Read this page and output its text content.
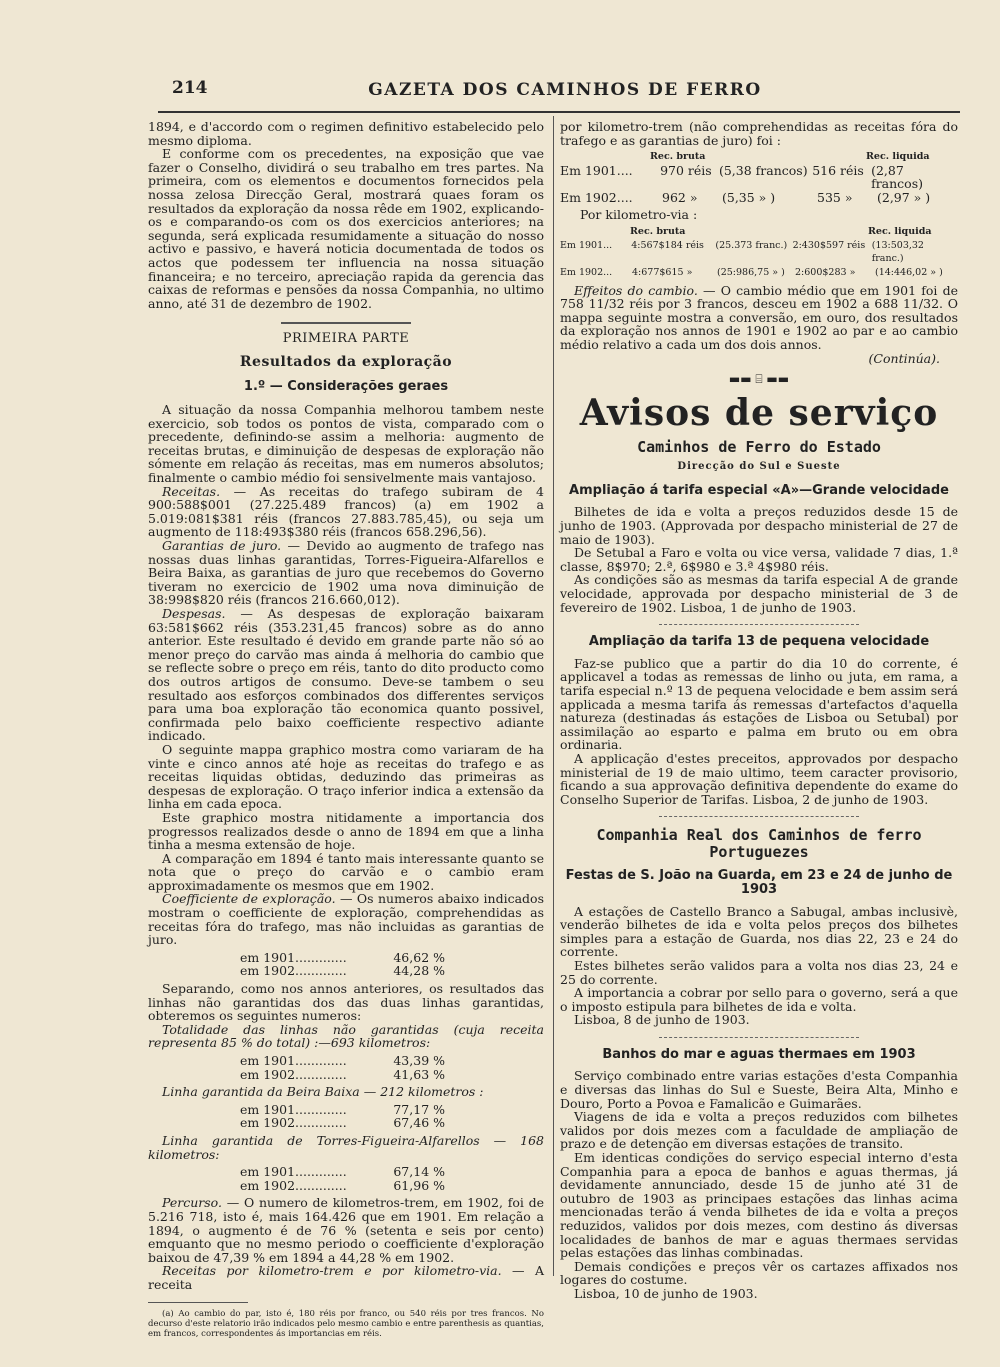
214	GAZETA DOS CAMINHOS DE FERRO

1894, e d'accordo com o regimen definitivo estabelecido pelo mesmo diploma.

E conforme com os precedentes, na exposição que vae fazer o Conselho, dividirá o seu trabalho em tres partes. Na primeira, com os elementos e documentos fornecidos pela nossa zelosa Direcção Geral, mostrará quaes foram os resultados da exploração da nossa rêde em 1902, explicando-os e comparando-os com os dos exercicios anteriores; na segunda, será explicada resumidamente a situação do nosso activo e passivo, e haverá noticia documentada de todos os actos que podessem ter influencia na nossa situação financeira; e no terceiro, apreciação rapida da gerencia das caixas de reformas e pensões da nossa Companhia, no ultimo anno, até 31 de dezembro de 1902.

PRIMEIRA PARTE
Resultados da exploração
1.º — Considerações geraes

A situação da nossa Companhia melhorou tambem neste exercicio, sob todos os pontos de vista, comparado com o precedente, definindo-se assim a melhoria: augmento de receitas brutas, e diminuição de despesas de exploração não sómente em relação ás receitas, mas em numeros absolutos; finalmente o cambio médio foi sensivelmente mais vantajoso.

Receitas. — As receitas do trafego subiram de 4 900:588$001 (27.225.489 francos) (a) em 1902 a 5.019:081$381 réis (francos 27.883.785,45), ou seja um augmento de 118:493$380 réis (francos 658.296,56).

Garantias de juro. — Devido ao augmento de trafego nas nossas duas linhas garantidas, Torres-Figueira-Alfarellos e Beira Baixa, as garantias de juro que recebemos do Governo tiveram no exercicio de 1902 uma nova diminuição de 38:998$820 réis (francos 216.660,012).

Despesas. — As despesas de exploração baixaram 63:581$662 réis (353.231,45 francos) sobre as do anno anterior. Este resultado é devido em grande parte não só ao menor preço do carvão mas ainda á melhoria do cambio que se reflecte sobre o preço em réis, tanto do dito producto como dos outros artigos de consumo. Deve-se tambem o seu resultado aos esforços combinados dos differentes serviços para uma boa exploração tão economica quanto possivel, confirmada pelo baixo coefficiente respectivo adiante indicado.

O seguinte mappa graphico mostra como variaram de ha vinte e cinco annos até hoje as receitas do trafego e as receitas liquidas obtidas, deduzindo das primeiras as despesas de exploração. O traço inferior indica a extensão da linha em cada epoca.

Este graphico mostra nitidamente a importancia dos progressos realizados desde o anno de 1894 em que a linha tinha a mesma extensão de hoje.

A comparação em 1894 é tanto mais interessante quanto se nota que o preço do carvão e o cambio eram approximadamente os mesmos que em 1902.

Coefficiente de exploração. — Os numeros abaixo indicados mostram o coefficiente de exploração, comprehendidas as receitas fóra do trafego, mas não incluidas as garantias de juro.

em 1901.............	46,62 %
em 1902.............	44,28 %

Separando, como nos annos anteriores, os resultados das linhas não garantidas dos das duas linhas garantidas, obteremos os seguintes numeros:

Totalidade das linhas não garantidas (cuja receita representa 85 % do total) :—693 kilometros:

em 1901.............	43,39 %
em 1902.............	41,63 %

Linha garantida da Beira Baixa — 212 kilometros :

em 1901.............	77,17 %
em 1902.............	67,46 %

Linha garantida de Torres-Figueira-Alfarellos — 168 kilometros:

em 1901.............	67,14 %
em 1902.............	61,96 %

Percurso. — O numero de kilometros-trem, em 1902, foi de 5.216 718, isto é, mais 164.426 que em 1901. Em relação a 1894, o augmento é de 76 % (setenta e seis por cento) emquanto que no mesmo periodo o coefficiente d'exploração baixou de 47,39 % em 1894 a 44,28 % em 1902.

Receitas por kilometro-trem e por kilometro-via. — A receita

(a) Ao cambio do par, isto é, 180 réis por franco, ou 540 réis por tres francos. No decurso d'este relatorio irão indicados pelo mesmo cambio e entre parenthesis as quantias, em francos, correspondentes ás importancias em réis.

por kilometro-trem (não comprehendidas as receitas fóra do trafego e as garantias de juro) foi :

Rec. bruta	Rec. liquida
Em 1901....	970 réis (5,38 francos) 516 réis (2,87 francos)
Em 1902....	962 »	(5,35 » )	535 »	(2,97 » )

Por kilometro-via :

Rec. bruta	Rec. liquida
Em 1901...	4:567$184 réis	(25.373 franc.) 2:430$597 réis (13:503,32 franc.)
Em 1902...	4:677$615 »	(25:986,75 » )	2:600$283 »	(14:446,02 » )

Effeitos do cambio. — O cambio médio que em 1901 foi de 758 11/32 réis por 3 francos, desceu em 1902 a 688 11/32. O mappa seguinte mostra a conversão, em ouro, dos resultados da exploração nos annos de 1901 e 1902 ao par e ao cambio médio relativo a cada um dos dois annos.

(Continúa).
▬▬ ⌸ ▬▬
Avisos de serviço
Caminhos de Ferro do Estado
Direcção do Sul e Sueste
Ampliação á tarifa especial «A»—Grande velocidade

Bilhetes de ida e volta a preços reduzidos desde 15 de junho de 1903. (Approvada por despacho ministerial de 27 de maio de 1903).

De Setubal a Faro e volta ou vice versa, validade 7 dias, 1.ª classe, 8$970; 2.ª, 6$980 e 3.ª 4$980 réis.

As condições são as mesmas da tarifa especial A de grande velocidade, approvada por despacho ministerial de 3 de fevereiro de 1902. Lisboa, 1 de junho de 1903.

Ampliação da tarifa 13 de pequena velocidade

Faz-se publico que a partir do dia 10 do corrente, é applicavel a todas as remessas de linho ou juta, em rama, a tarifa especial n.º 13 de pequena velocidade e bem assim será applicada a mesma tarifa ás remessas d'artefactos d'aquella natureza (destinadas ás estações de Lisboa ou Setubal) por assimilação ao esparto e palma em bruto ou em obra ordinaria.

A applicação d'estes preceitos, approvados por despacho ministerial de 19 de maio ultimo, teem caracter provisorio, ficando a sua approvação definitiva dependente do exame do Conselho Superior de Tarifas. Lisboa, 2 de junho de 1903.

Companhia Real dos Caminhos de ferro Portuguezes
Festas de S. João na Guarda, em 23 e 24 de junho de 1903

A estações de Castello Branco a Sabugal, ambas inclusivè, venderão bilhetes de ida e volta pelos preços dos bilhetes simples para a estação de Guarda, nos dias 22, 23 e 24 do corrente.

Estes bilhetes serão validos para a volta nos dias 23, 24 e 25 do corrente.

A importancia a cobrar por sello para o governo, será a que o imposto estipula para bilhetes de ida e volta.

Lisboa, 8 de junho de 1903.

Banhos do mar e aguas thermaes em 1903

Serviço combinado entre varias estações d'esta Companhia e diversas das linhas do Sul e Sueste, Beira Alta, Minho e Douro, Porto a Povoa e Famalicão e Guimarães.

Viagens de ida e volta a preços reduzidos com bilhetes validos por dois mezes com a faculdade de ampliação de prazo e de detenção em diversas estações de transito.

Em identicas condições do serviço especial interno d'esta Companhia para a epoca de banhos e aguas thermas, já devidamente annunciado, desde 15 de junho até 31 de outubro de 1903 as principaes estações das linhas acima mencionadas terão á venda bilhetes de ida e volta a preços reduzidos, validos por dois mezes, com destino ás diversas localidades de banhos de mar e aguas thermaes servidas pelas estações das linhas combinadas.

Demais condições e preços vêr os cartazes affixados nos logares do costume.

Lisboa, 10 de junho de 1903.
